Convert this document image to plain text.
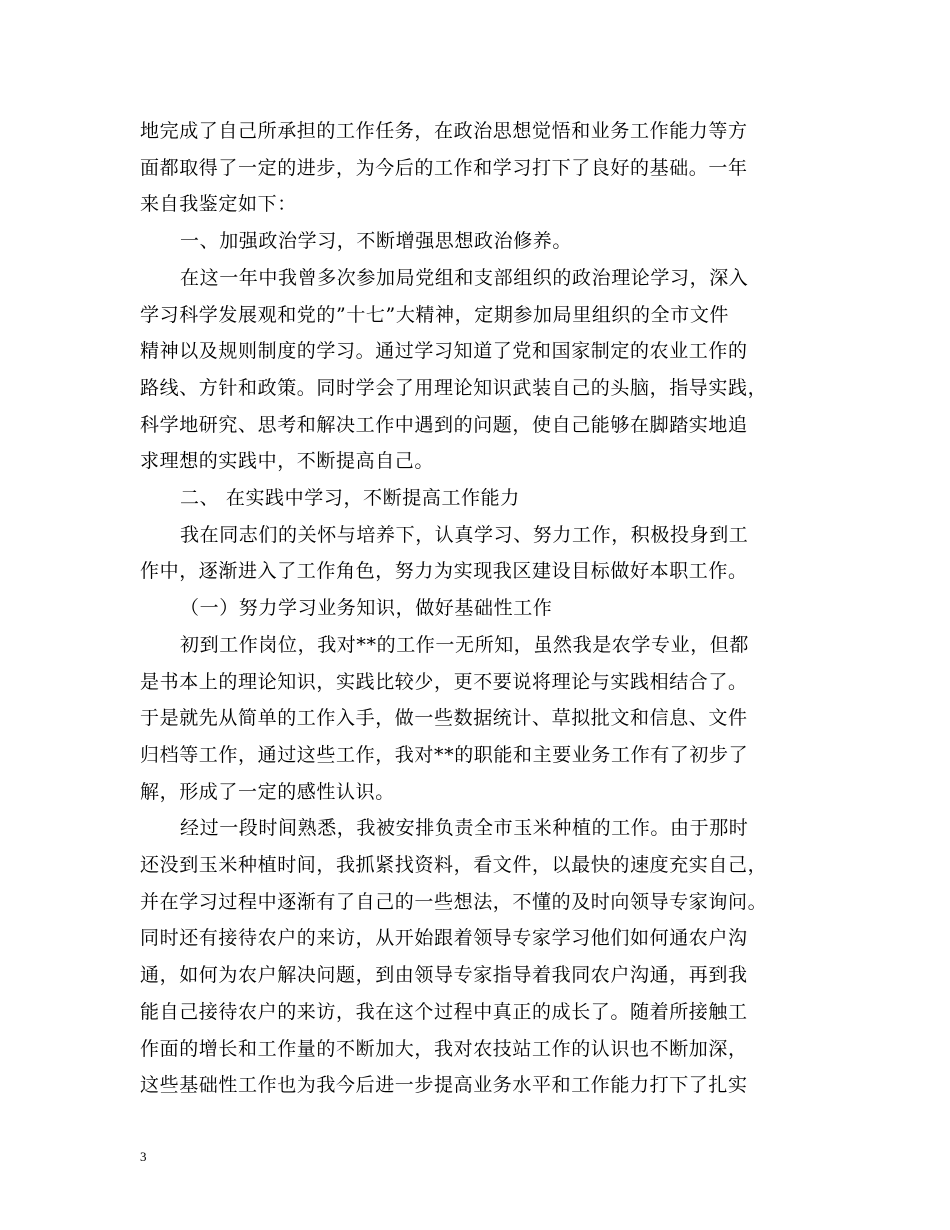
地完成了自己所承担的工作任务，在政治思想觉悟和业务工作能力等方
面都取得了一定的进步，为今后的工作和学习打下了良好的基础。一年
来自我鉴定如下：
一、加强政治学习，不断增强思想政治修养。
在这一年中我曾多次参加局党组和支部组织的政治理论学习，深入
学习科学发展观和党的”十七”大精神，定期参加局里组织的全市文件
精神以及规则制度的学习。通过学习知道了党和国家制定的农业工作的
路线、方针和政策。同时学会了用理论知识武装自己的头脑，指导实践，
科学地研究、思考和解决工作中遇到的问题，使自己能够在脚踏实地追
求理想的实践中，不断提高自己。
二、 在实践中学习，不断提高工作能力
我在同志们的关怀与培养下，认真学习、努力工作，积极投身到工
作中，逐渐进入了工作角色，努力为实现我区建设目标做好本职工作。
（一）努力学习业务知识，做好基础性工作
初到工作岗位，我对**的工作一无所知，虽然我是农学专业，但都
是书本上的理论知识，实践比较少，更不要说将理论与实践相结合了。
于是就先从简单的工作入手，做一些数据统计、草拟批文和信息、文件
归档等工作，通过这些工作，我对**的职能和主要业务工作有了初步了
解，形成了一定的感性认识。
经过一段时间熟悉，我被安排负责全市玉米种植的工作。由于那时
还没到玉米种植时间，我抓紧找资料，看文件，以最快的速度充实自己，
并在学习过程中逐渐有了自己的一些想法，不懂的及时向领导专家询问。
同时还有接待农户的来访，从开始跟着领导专家学习他们如何通农户沟
通，如何为农户解决问题，到由领导专家指导着我同农户沟通，再到我
能自己接待农户的来访，我在这个过程中真正的成长了。随着所接触工
作面的增长和工作量的不断加大，我对农技站工作的认识也不断加深，
这些基础性工作也为我今后进一步提高业务水平和工作能力打下了扎实
3
